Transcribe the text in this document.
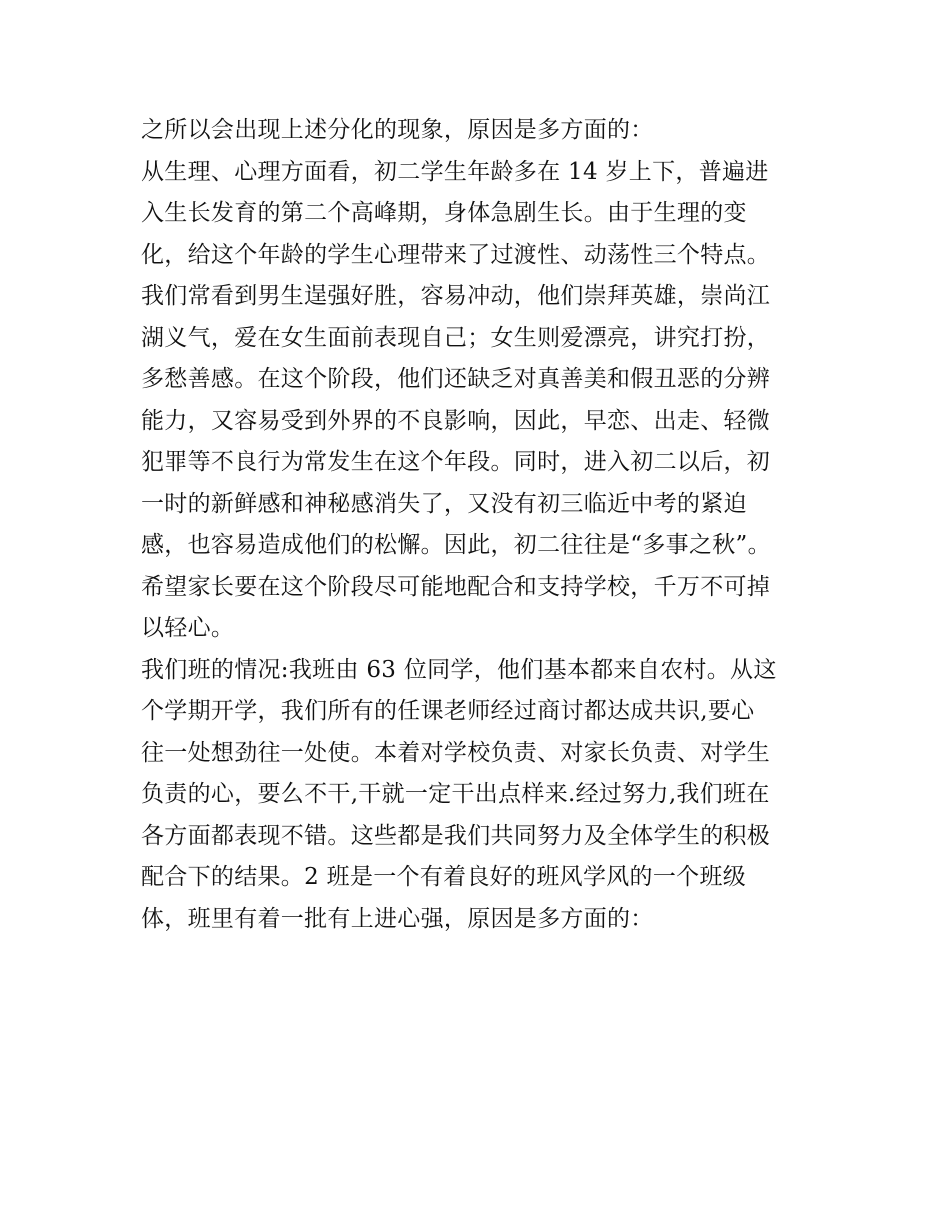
之所以会出现上述分化的现象，原因是多方面的：
从生理、心理方面看，初二学生年龄多在 14 岁上下，普遍进
入生长发育的第二个高峰期，身体急剧生长。由于生理的变
化，给这个年龄的学生心理带来了过渡性、动荡性三个特点。
我们常看到男生逞强好胜，容易冲动，他们崇拜英雄，崇尚江
湖义气，爱在女生面前表现自己；女生则爱漂亮，讲究打扮，
多愁善感。在这个阶段，他们还缺乏对真善美和假丑恶的分辨
能力，又容易受到外界的不良影响，因此，早恋、出走、轻微
犯罪等不良行为常发生在这个年段。同时，进入初二以后，初
一时的新鲜感和神秘感消失了，又没有初三临近中考的紧迫
感，也容易造成他们的松懈。因此，初二往往是“多事之秋”。
希望家长要在这个阶段尽可能地配合和支持学校，千万不可掉
以轻心。
我们班的情况:我班由 63 位同学，他们基本都来自农村。从这
个学期开学，我们所有的任课老师经过商讨都达成共识,要心
往一处想劲往一处使。本着对学校负责、对家长负责、对学生
负责的心，要么不干,干就一定干出点样来.经过努力,我们班在
各方面都表现不错。这些都是我们共同努力及全体学生的积极
配合下的结果。2 班是一个有着良好的班风学风的一个班级
体，班里有着一批有上进心强，原因是多方面的：
